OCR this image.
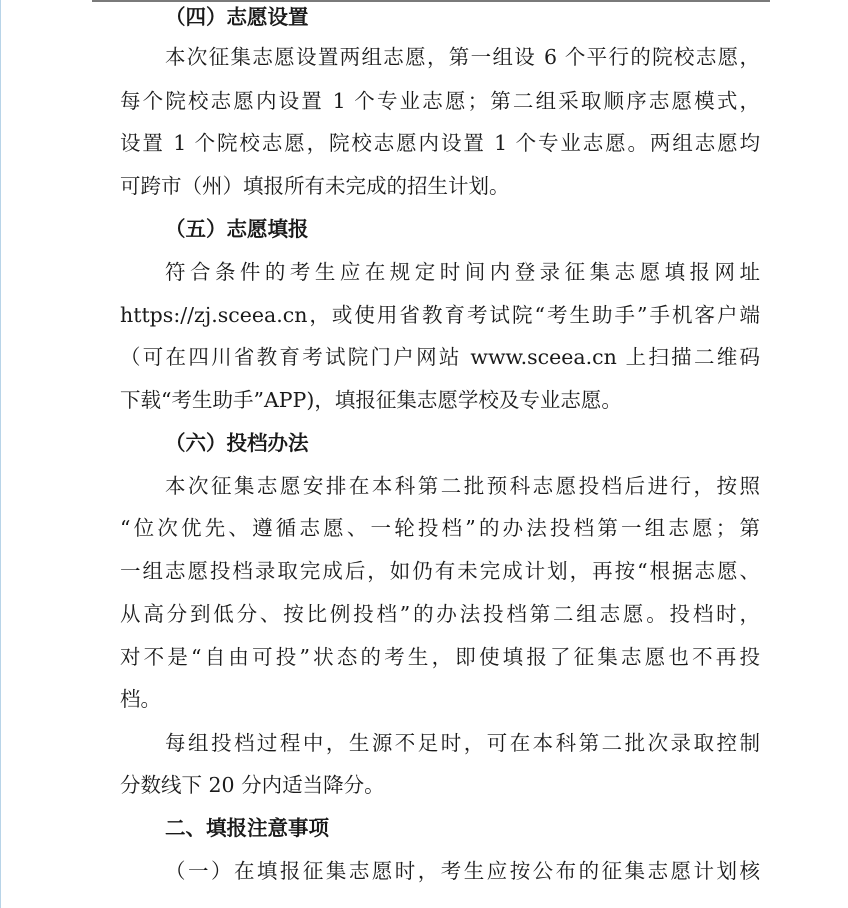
（四）志愿设置
本次征集志愿设置两组志愿，第一组设 6 个平行的院校志愿，
每个院校志愿内设置 1 个专业志愿；第二组采取顺序志愿模式，
设置 1 个院校志愿，院校志愿内设置 1 个专业志愿。两组志愿均
可跨市（州）填报所有未完成的招生计划。
（五）志愿填报
符合条件的考生应在规定时间内登录征集志愿填报网址
https://zj.sceea.cn，或使用省教育考试院“考生助手”手机客户端
（可在四川省教育考试院门户网站 www.sceea.cn 上扫描二维码
下载“考生助手”APP)，填报征集志愿学校及专业志愿。
（六）投档办法
本次征集志愿安排在本科第二批预科志愿投档后进行，按照
“位次优先、遵循志愿、一轮投档”的办法投档第一组志愿；第
一组志愿投档录取完成后，如仍有未完成计划，再按“根据志愿、
从高分到低分、按比例投档”的办法投档第二组志愿。投档时，
对不是“自由可投”状态的考生，即使填报了征集志愿也不再投
档。
每组投档过程中，生源不足时，可在本科第二批次录取控制
分数线下 20 分内适当降分。
二、填报注意事项
（一）在填报征集志愿时，考生应按公布的征集志愿计划核
